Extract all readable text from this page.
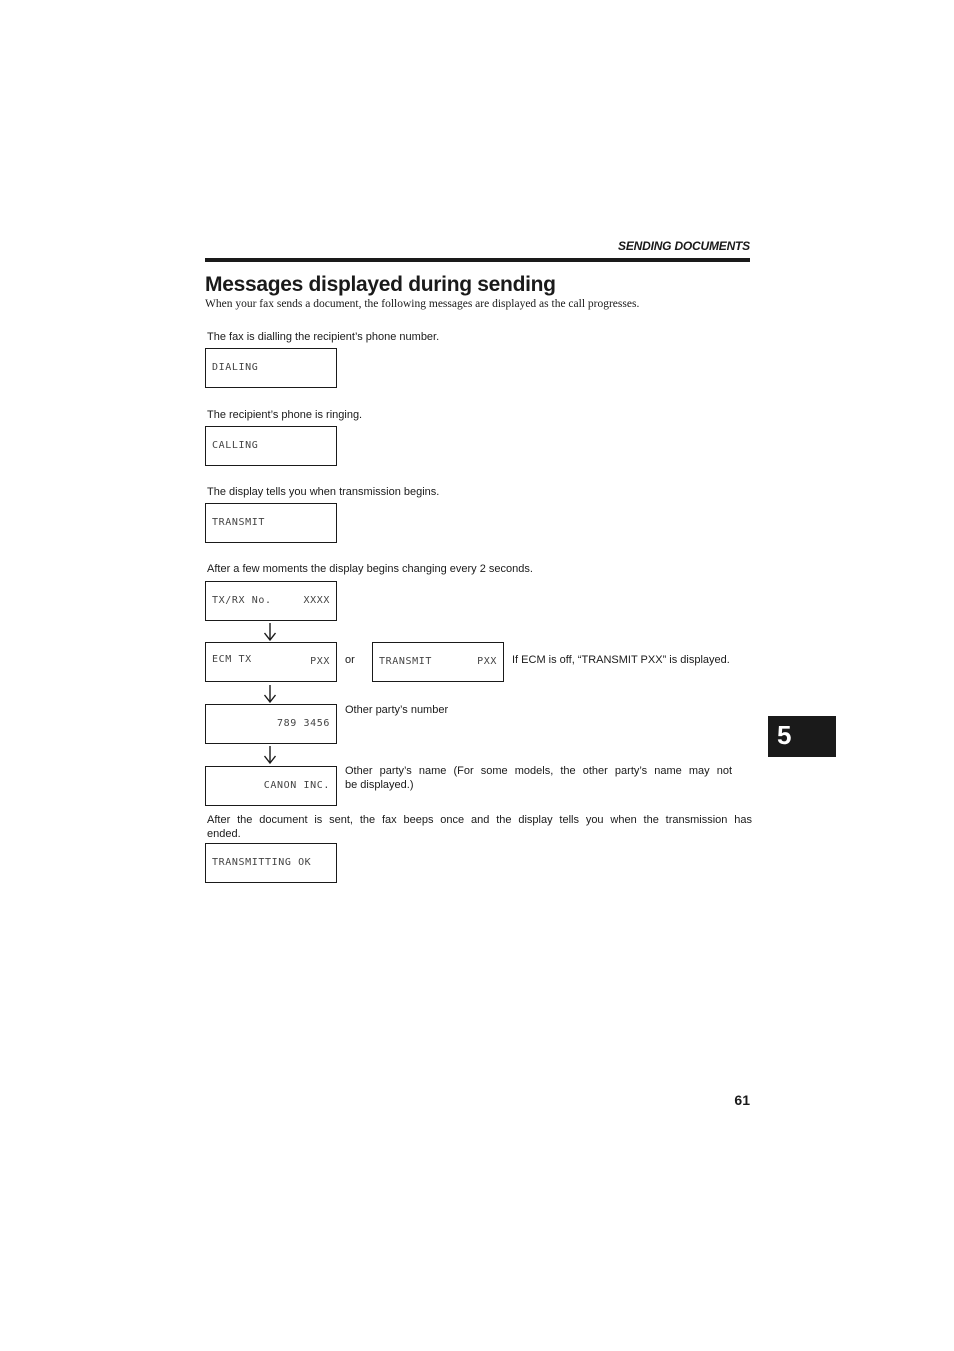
SENDING DOCUMENTS
Messages displayed during sending
When your fax sends a document, the following messages are displayed as the call progresses.
The fax is dialling the recipient’s phone number.
DIALING
The recipient’s phone is ringing.
CALLING
The display tells you when transmission begins.
TRANSMIT
After a few moments the display begins changing every 2 seconds.
TX/RX No.	XXXX
ECM TX	PXX or TRANSMIT	PXX If ECM is off, “TRANSMIT PXX” is displayed.
789 3456
Other party’s number
CANON INC.
Other party’s name (For some models, the other party’s name may not
be displayed.)
After the document is sent, the fax beeps once and the display tells you when the transmission has
ended.
TRANSMITTING OK
5
61
